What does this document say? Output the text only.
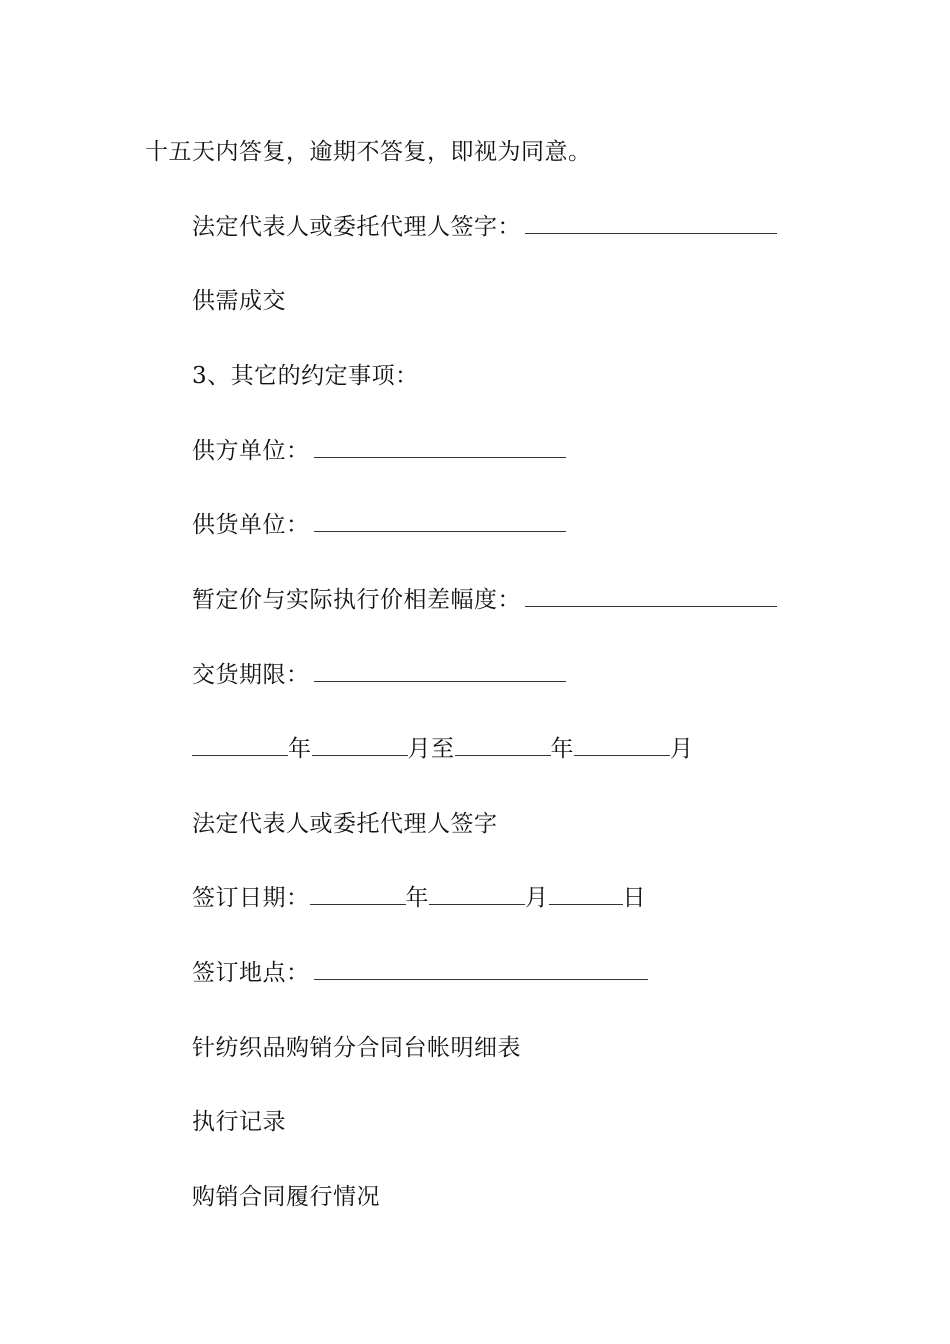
十五天内答复，逾期不答复，即视为同意。
法定代表人或委托代理人签字：
供需成交
3、其它的约定事项：
供方单位：
供货单位：
暂定价与实际执行价相差幅度：
交货期限：
年	月至	年	月
法定代表人或委托代理人签字
签订日期：	年	月	日
签订地点：
针纺织品购销分合同台帐明细表
执行记录
购销合同履行情况
